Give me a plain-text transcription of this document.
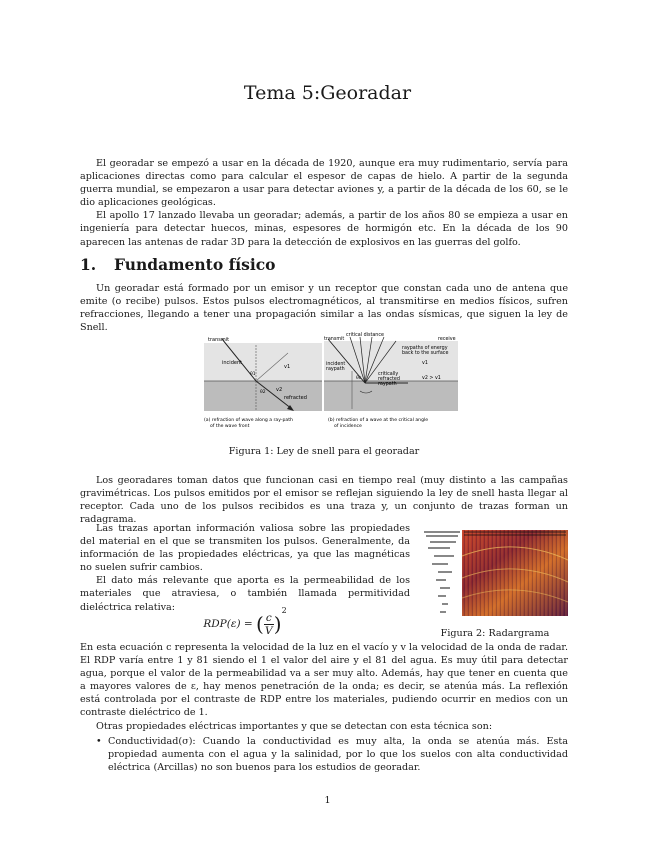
Tema 5:Georadar

El georadar se empezó a usar en la década de 1920, aunque era muy rudimentario, servía para aplicaciones directas como para calcular el espesor de capas de hielo. A partir de la segunda guerra mundial, se empezaron a usar para detectar aviones y, a partir de la década de los 60, se le dio aplicaciones geológicas.

El apollo 17 lanzado llevaba un georadar; además, a partir de los años 80 se empieza a usar en ingeniería para detectar huecos, minas, espesores de hormigón etc. En la década de los 90 aparecen las antenas de radar 3D para la detección de explosivos en las guerras del golfo.

1. Fundamento físico

Un georadar está formado por un emisor y un receptor que constan cada uno de antena que emite (o recibe) pulsos. Estos pulsos electromagnéticos, al transmitirse en medios físicos, sufren refracciones, llegando a tener una propagación similar a las ondas sísmicas, que siguen la ley de Snell.

transmit
incident
v1
v2
refracted
θ1
θ2
(a) refraction of wave along a ray-path
of the wave front
critical distance
transmit	receive
raypaths of energy
back to the surface
v1
incident
raypath
critically
refracted
raypath
v2 > v1
θc
(b) refraction of a wave at the critical angle
of incidence
Figura 1: Ley de snell para el georadar

Los georadares toman datos que funcionan casi en tiempo real (muy distinto a las campañas gravimétricas. Los pulsos emitidos por el emisor se reflejan siguiendo la ley de snell hasta llegar al receptor. Cada uno de los pulsos recibidos es una traza y, un conjunto de trazas forman un radagrama.

Las trazas aportan información valiosa sobre las propiedades del material en el que se transmiten los pulsos. Generalmente, da información de las propiedades eléctricas, ya que las magnéticas no suelen sufrir cambios.

El dato más relevante que aporta es la permeabilidad de los materiales que atraviesa, o también llamada permitividad dieléctrica relativa:

RDP(ε) = ( $\frac{c}{V} )^2$
Figura 2: Radargrama

En esta ecuación c representa la velocidad de la luz en el vacío y v la velocidad de la onda de radar. El RDP varía entre 1 y 81 siendo el 1 el valor del aire y el 81 del agua. Es muy útil para detectar agua, porque el valor de la permeabilidad va a ser muy alto. Además, hay que tener en cuenta que a mayores valores de ε, hay menos penetración de la onda; es decir, se atenúa más. La reflexión está controlada por el contraste de RDP entre los materiales, pudiendo ocurrir en medios con un contraste dieléctrico de 1.

Otras propiedades eléctricas importantes y que se detectan con esta técnica son:

• Conductividad(σ): Cuando la conductividad es muy alta, la onda se atenúa más. Esta propiedad aumenta con el agua y la salinidad, por lo que los suelos con alta conductividad eléctrica (Arcillas) no son buenos para los estudios de georadar.
1
